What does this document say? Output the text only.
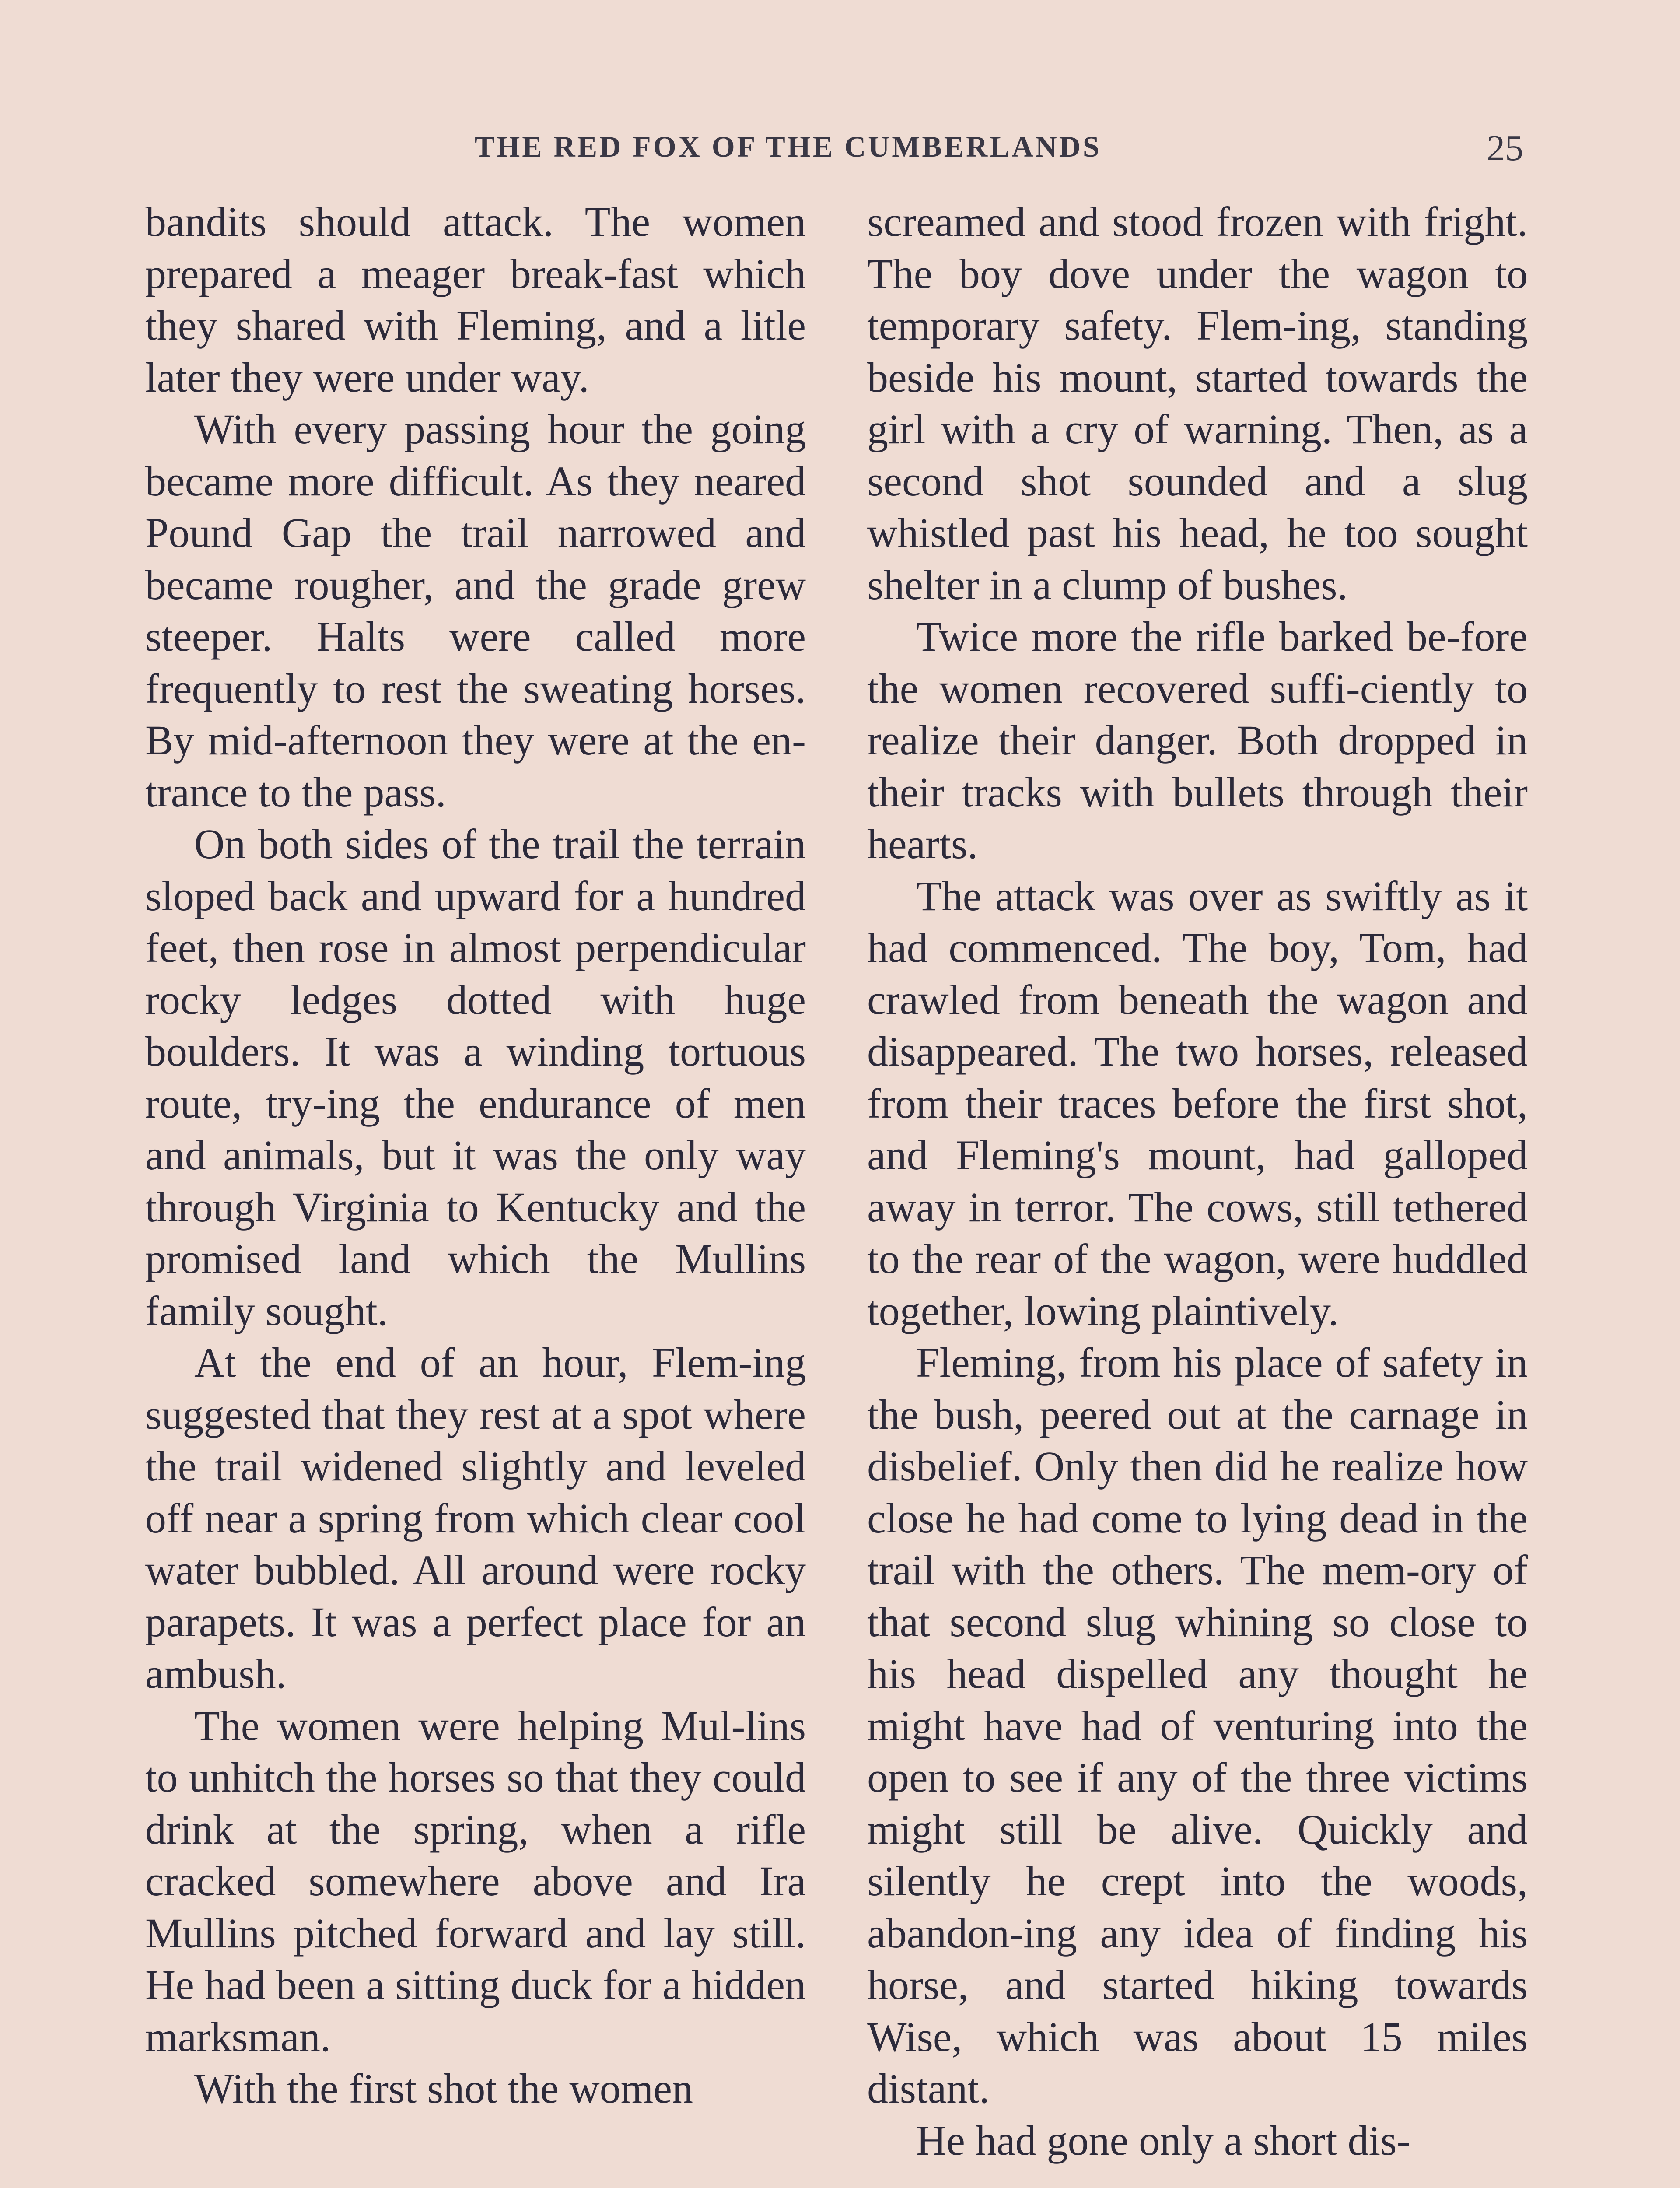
THE RED FOX OF THE CUMBERLANDS	25

bandits should attack. The women prepared a meager break-fast which they shared with Fleming, and a litle later they were under way.

With every passing hour the going became more difficult. As they neared Pound Gap the trail narrowed and became rougher, and the grade grew steeper. Halts were called more frequently to rest the sweating horses. By mid-afternoon they were at the en-trance to the pass.

On both sides of the trail the terrain sloped back and upward for a hundred feet, then rose in almost perpendicular rocky ledges dotted with huge boulders. It was a winding tortuous route, try-ing the endurance of men and animals, but it was the only way through Virginia to Kentucky and the promised land which the Mullins family sought.

At the end of an hour, Flem-ing suggested that they rest at a spot where the trail widened slightly and leveled off near a spring from which clear cool water bubbled. All around were rocky parapets. It was a perfect place for an ambush.

The women were helping Mul-lins to unhitch the horses so that they could drink at the spring, when a rifle cracked somewhere above and Ira Mullins pitched forward and lay still. He had been a sitting duck for a hidden marksman.

With the first shot the women

screamed and stood frozen with fright. The boy dove under the wagon to temporary safety. Flem-ing, standing beside his mount, started towards the girl with a cry of warning. Then, as a second shot sounded and a slug whistled past his head, he too sought shelter in a clump of bushes.

Twice more the rifle barked be-fore the women recovered suffi-ciently to realize their danger. Both dropped in their tracks with bullets through their hearts.

The attack was over as swiftly as it had commenced. The boy, Tom, had crawled from beneath the wagon and disappeared. The two horses, released from their traces before the first shot, and Fleming's mount, had galloped away in terror. The cows, still tethered to the rear of the wagon, were huddled together, lowing plaintively.

Fleming, from his place of safety in the bush, peered out at the carnage in disbelief. Only then did he realize how close he had come to lying dead in the trail with the others. The mem-ory of that second slug whining so close to his head dispelled any thought he might have had of venturing into the open to see if any of the three victims might still be alive. Quickly and silently he crept into the woods, abandon-ing any idea of finding his horse, and started hiking towards Wise, which was about 15 miles distant.

He had gone only a short dis-
